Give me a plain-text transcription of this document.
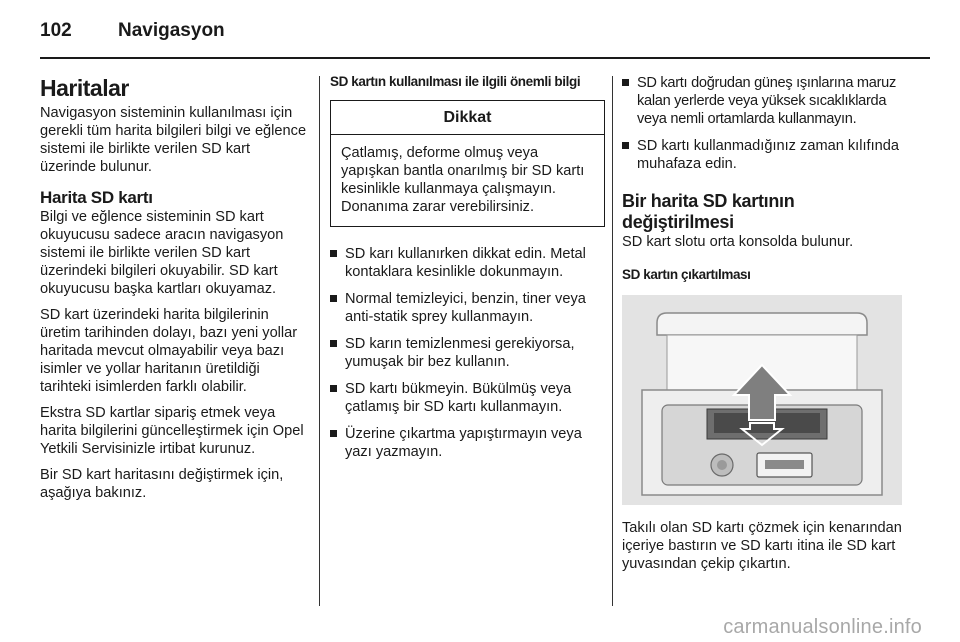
102 Navigasyon
Haritalar

Navigasyon sisteminin kullanılması için gerekli tüm harita bilgileri bilgi ve eğlence sistemi ile birlikte verilen SD kart üzerinde bulunur.

Harita SD kartı

Bilgi ve eğlence sisteminin SD kart okuyucusu sadece aracın navigasyon sistemi ile birlikte verilen SD kart üzerindeki bilgileri okuyabilir. SD kart okuyucusu başka kartları okuyamaz.

SD kart üzerindeki harita bilgilerinin üretim tarihinden dolayı, bazı yeni yollar haritada mevcut olmayabilir veya bazı isimler ve yollar haritanın üretildiği tarihteki isimlerden farklı olabilir.

Ekstra SD kartlar sipariş etmek veya harita bilgilerini güncelleştirmek için Opel Yetkili Servisinizle irtibat kurunuz.

Bir SD kart haritasını değiştirmek için, aşağıya bakınız.

SD kartın kullanılması ile ilgili önemli bilgi
Dikkat
Çatlamış, deforme olmuş veya yapışkan bantla onarılmış bir SD kartı kesinlikle kullanmaya çalışmayın. Donanıma zarar verebilirsiniz.
SD karı kullanırken dikkat edin. Metal kontaklara kesinlikle dokunmayın.
Normal temizleyici, benzin, tiner veya anti-statik sprey kullanmayın.
SD karın temizlenmesi gerekiyorsa, yumuşak bir bez kullanın.
SD kartı bükmeyin. Bükülmüş veya çatlamış bir SD kartı kullanmayın.
Üzerine çıkartma yapıştırmayın veya yazı yazmayın.
SD kartı doğrudan güneş ışınlarına maruz kalan yerlerde veya yüksek sıcaklıklarda veya nemli ortamlarda kullanmayın.
SD kartı kullanmadığınız zaman kılıfında muhafaza edin.
Bir harita SD kartının değiştirilmesi

SD kart slotu orta konsolda bulunur.

SD kartın çıkartılması

Takılı olan SD kartı çözmek için kenarından içeriye bastırın ve SD kartı itina ile SD kart yuvasından çekip çıkartın.

carmanualsonline.info
